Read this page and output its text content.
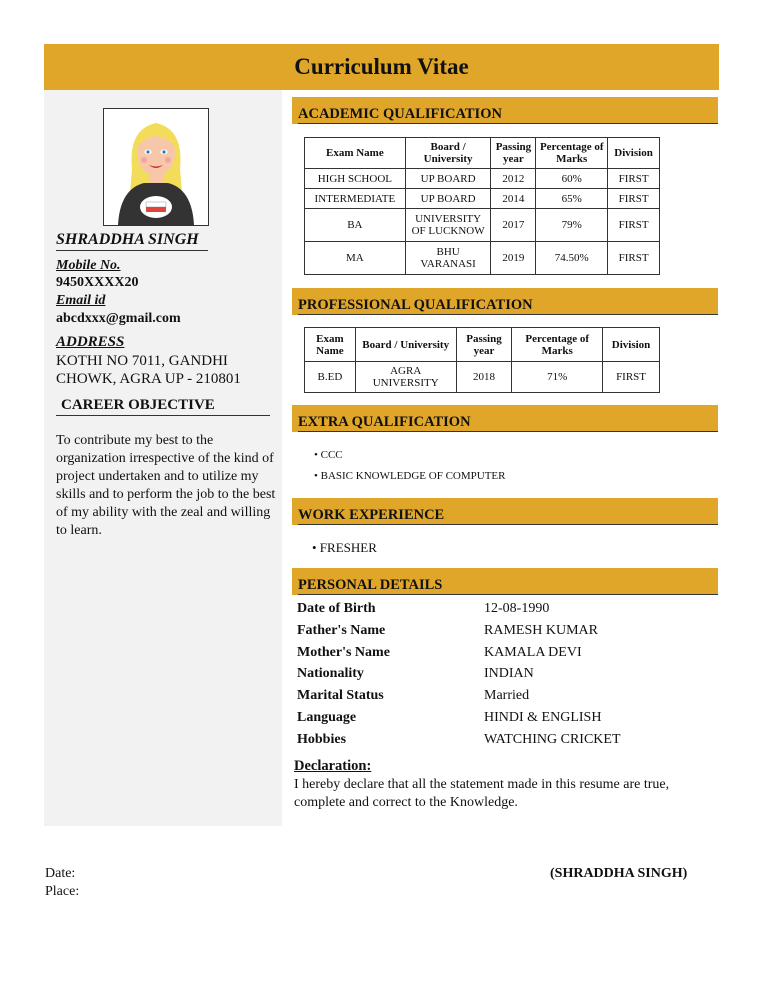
Curriculum Vitae
SHRADDHA SINGH
Mobile No.
9450XXXX20
Email id
abcdxxx@gmail.com
ADDRESS
KOTHI NO 7011, GANDHI CHOWK, AGRA UP - 210801
CAREER OBJECTIVE
To contribute my best to the organization irrespective of the kind of project undertaken and to utilize my skills and to perform the job to the best of my ability with the zeal and willing to learn.
ACADEMIC QUALIFICATION
Exam Name	Board / University	Passing year	Percentage of Marks	Division
HIGH SCHOOL	UP BOARD	2012	60%	FIRST
INTERMEDIATE	UP BOARD	2014	65%	FIRST
BA	UNIVERSITY OF LUCKNOW	2017	79%	FIRST
MA	BHU VARANASI	2019	74.50%	FIRST
PROFESSIONAL QUALIFICATION
Exam Name	Board / University	Passing year	Percentage of Marks	Division
B.ED	AGRA UNIVERSITY	2018	71%	FIRST
EXTRA QUALIFICATION
• CCC
• BASIC KNOWLEDGE OF COMPUTER
WORK EXPERIENCE
• FRESHER
PERSONAL DETAILS
Date of Birth	12-08-1990
Father's Name	RAMESH KUMAR
Mother's Name	KAMALA DEVI
Nationality	INDIAN
Marital Status	Married
Language	HINDI & ENGLISH
Hobbies	WATCHING CRICKET
Declaration:
I hereby declare that all the statement made in this resume are true, complete and correct to the Knowledge.
Date:
Place:
(SHRADDHA SINGH)
